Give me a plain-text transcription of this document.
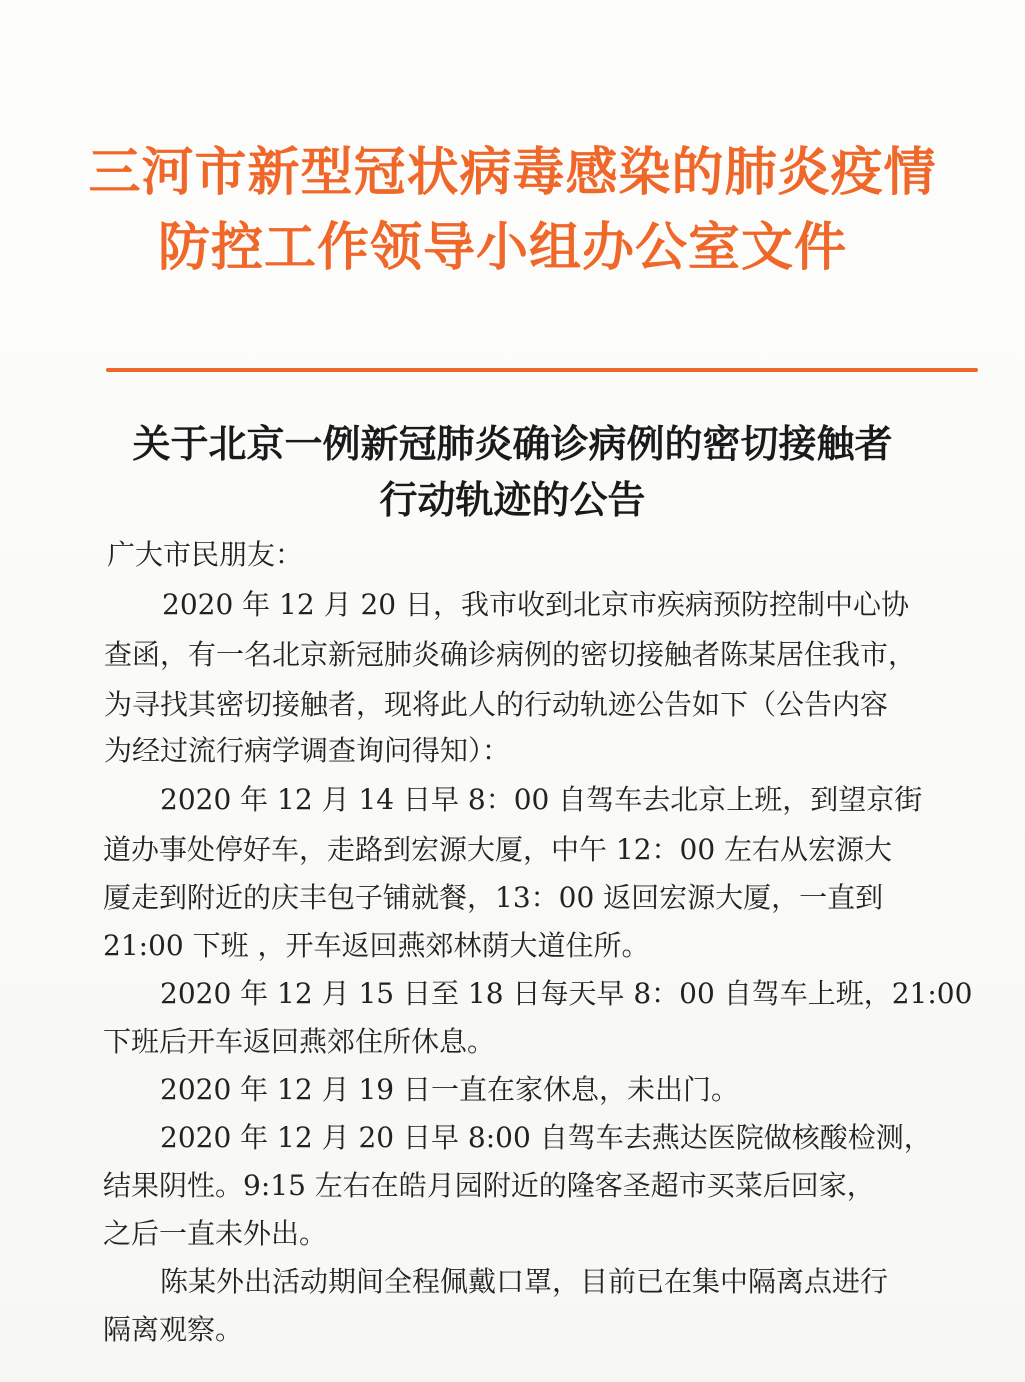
三河市新型冠状病毒感染的肺炎疫情
防控工作领导小组办公室文件
关于北京一例新冠肺炎确诊病例的密切接触者
行动轨迹的公告
广大市民朋友：
2020 年 12 月 20 日，我市收到北京市疾病预防控制中心协
查函，有一名北京新冠肺炎确诊病例的密切接触者陈某居住我市，
为寻找其密切接触者，现将此人的行动轨迹公告如下（公告内容
为经过流行病学调查询问得知）：
2020 年 12 月 14 日早 8：00 自驾车去北京上班，到望京街
道办事处停好车，走路到宏源大厦，中午 12：00 左右从宏源大
厦走到附近的庆丰包子铺就餐，13：00 返回宏源大厦，一直到
21:00 下班 ，开车返回燕郊林荫大道住所。
2020 年 12 月 15 日至 18 日每天早 8：00 自驾车上班，21:00
下班后开车返回燕郊住所休息。
2020 年 12 月 19 日一直在家休息，未出门。
2020 年 12 月 20 日早 8:00 自驾车去燕达医院做核酸检测，
结果阴性。9:15 左右在皓月园附近的隆客圣超市买菜后回家，
之后一直未外出。
陈某外出活动期间全程佩戴口罩，目前已在集中隔离点进行
隔离观察。
